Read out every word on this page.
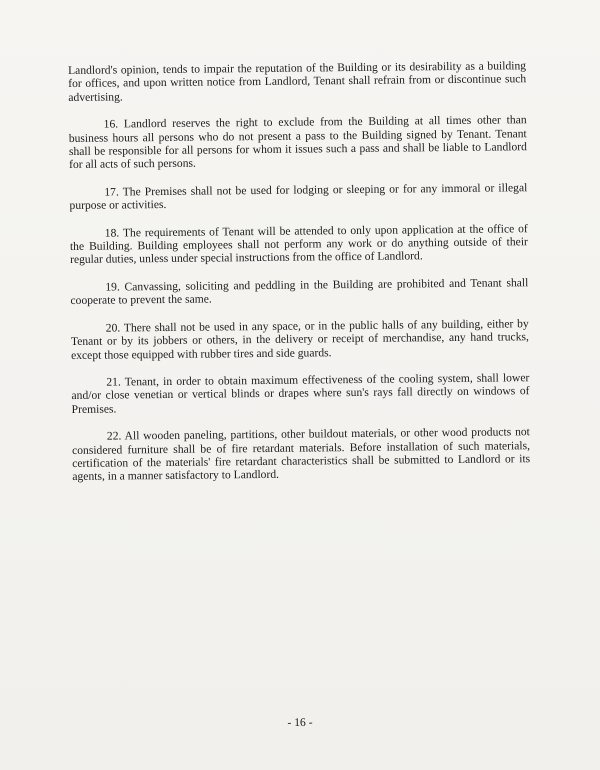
Landlord's opinion, tends to impair the reputation of the Building or its desirability as a building for offices, and upon written notice from Landlord, Tenant shall refrain from or discontinue such advertising.

16. Landlord reserves the right to exclude from the Building at all times other than business hours all persons who do not present a pass to the Building signed by Tenant. Tenant shall be responsible for all persons for whom it issues such a pass and shall be liable to Landlord for all acts of such persons.

17. The Premises shall not be used for lodging or sleeping or for any immoral or illegal purpose or activities.

18. The requirements of Tenant will be attended to only upon application at the office of the Building. Building employees shall not perform any work or do anything outside of their regular duties, unless under special instructions from the office of Landlord.

19. Canvassing, soliciting and peddling in the Building are prohibited and Tenant shall cooperate to prevent the same.

20. There shall not be used in any space, or in the public halls of any building, either by Tenant or by its jobbers or others, in the delivery or receipt of merchandise, any hand trucks, except those equipped with rubber tires and side guards.

21. Tenant, in order to obtain maximum effectiveness of the cooling system, shall lower and/or close venetian or vertical blinds or drapes where sun's rays fall directly on windows of Premises.

22. All wooden paneling, partitions, other buildout materials, or other wood products not considered furniture shall be of fire retardant materials. Before installation of such materials, certification of the materials' fire retardant characteristics shall be submitted to Landlord or its agents, in a manner satisfactory to Landlord.

- 16 -
